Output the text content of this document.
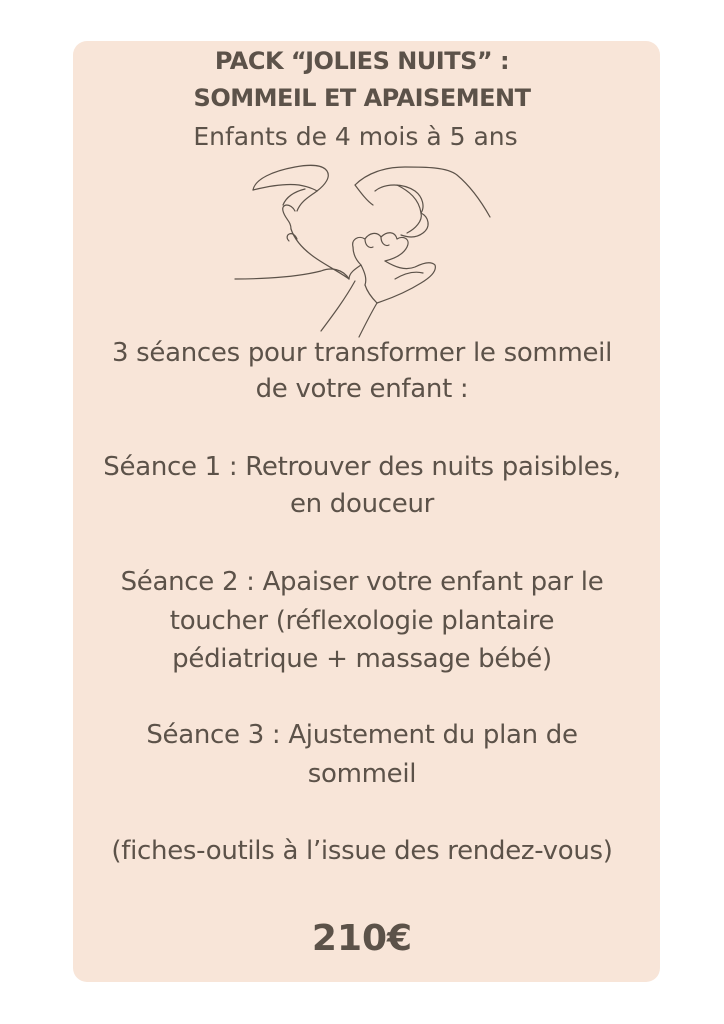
PACK “JOLIES NUITS” :
SOMMEIL ET APAISEMENT
Enfants de 4 mois à 5 ans
3 séances pour transformer le sommeil
de votre enfant :
Séance 1 : Retrouver des nuits paisibles,
en douceur
Séance 2 : Apaiser votre enfant par le
toucher (réflexologie plantaire
pédiatrique + massage bébé)
Séance 3 : Ajustement du plan de
sommeil
(fiches-outils à l’issue des rendez-vous)
210€
